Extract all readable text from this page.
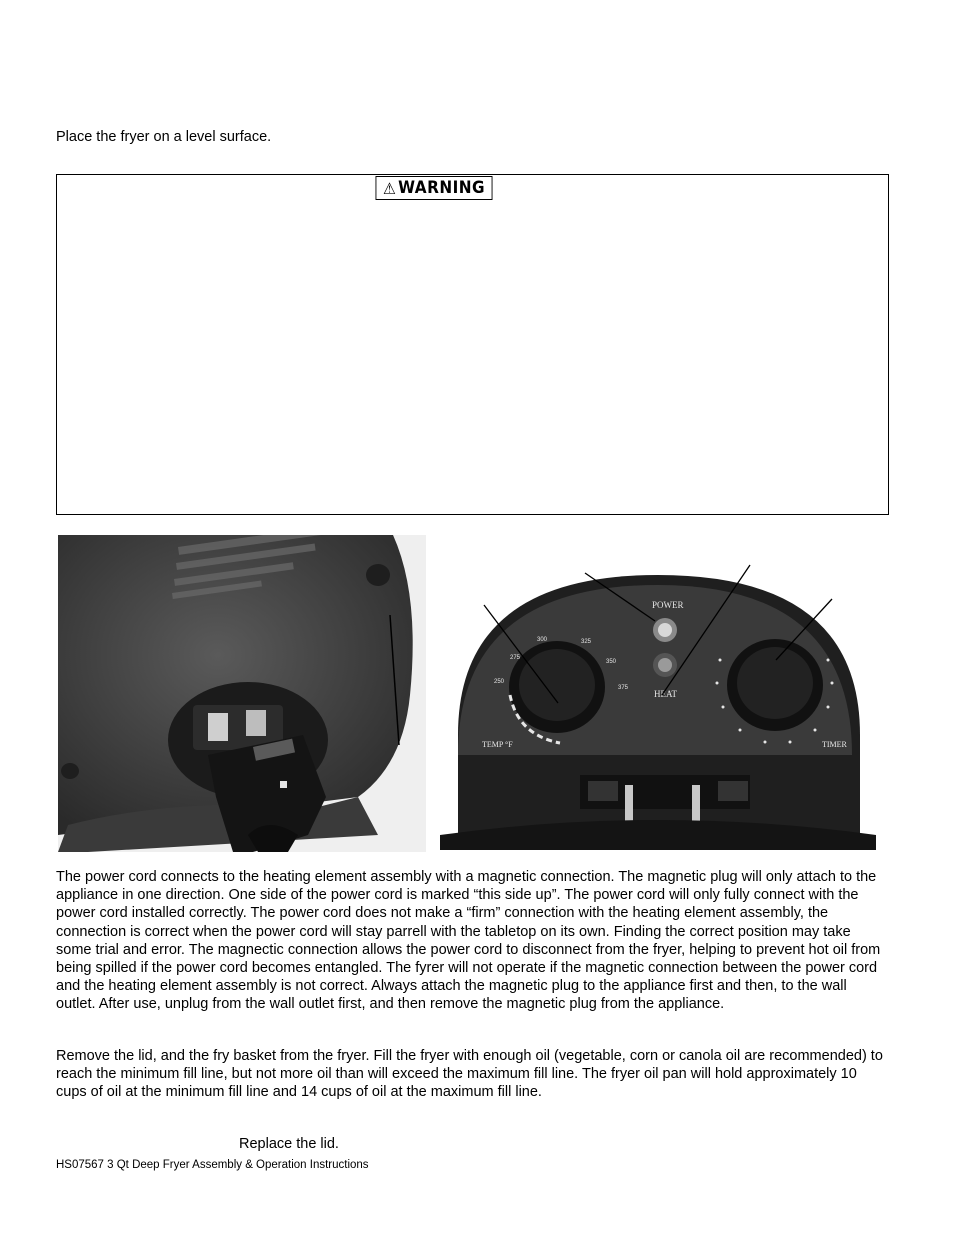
Place the fryer on a level surface.
⚠ WARNING
POWER
HEAT
TEMP °F	TIMER
250
275
300	325
350
375
The power cord connects to the heating element assembly with a magnetic connection. The magnetic plug will only attach to the appliance in one direction. One side of the power cord is marked “this side up”. The power cord will only fully connect with the power cord installed correctly. The power cord does not make a “firm” connection with the heating element assembly, the connection is correct when the power cord will stay parrell with the tabletop on its own. Finding the correct position may take some trial and error. The magnectic connection allows the power cord to disconnect from the fryer, helping to prevent hot oil from being spilled if the power cord becomes entangled. The fyrer will not operate if the magnetic connection between the power cord and the heating element assembly is not correct. Always attach the magnetic plug to the appliance first and then, to the wall outlet. After use, unplug from the wall outlet first, and then remove the magnetic plug from the appliance.
Remove the lid, and the fry basket from the fryer. Fill the fryer with enough oil (vegetable, corn or canola oil are recommended) to reach the minimum fill line, but not more oil than will exceed the maximum fill line. The fryer oil pan will hold approximately 10 cups of oil at the minimum fill line and 14 cups of oil at the maximum fill line.
Replace the lid.
HS07567 3 Qt Deep Fryer Assembly & Operation Instructions
